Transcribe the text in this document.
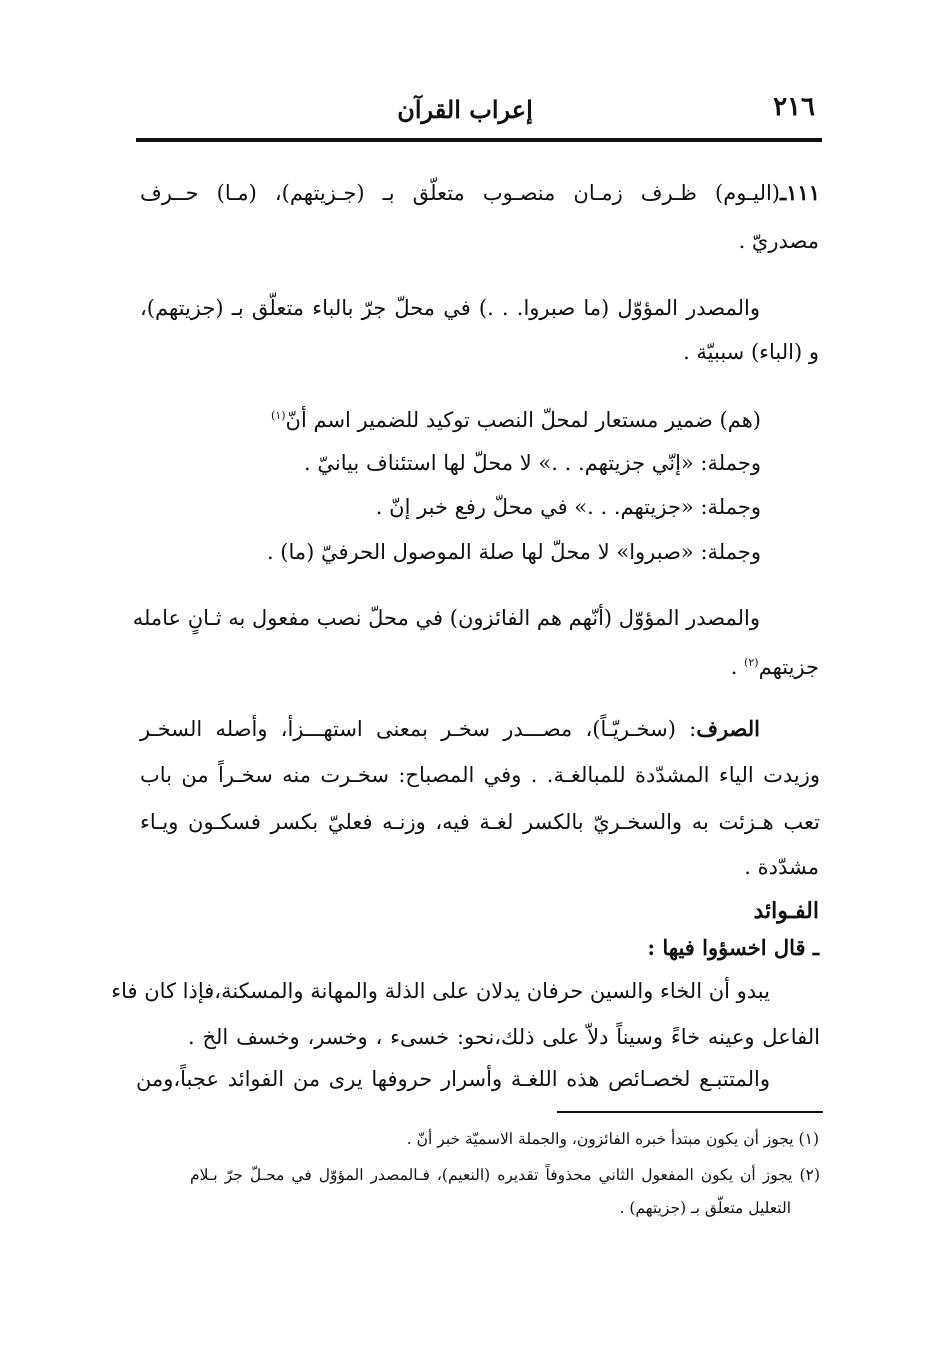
٢١٦
إعراب القرآن
١١١ـ(اليـوم) ظـرف زمـان منصـوب متعلّق بـ (جـزيتهم)، (مـا) حــرف
مصدريّ .
والمصدر المؤوّل (ما صبروا. . .) في محلّ جرّ بالباء متعلّق بـ (جزيتهم)،
و (الباء) سببيّة .
(هم) ضمير مستعار لمحلّ النصب توكيد للضمير اسم أنّ$^{(١)}$
وجملة: «إنّي جزيتهم. . .» لا محلّ لها استئناف بيانيّ .
وجملة: «جزيتهم. . .» في محلّ رفع خبر إنّ .
وجملة: «صبروا» لا محلّ لها صلة الموصول الحرفيّ (ما) .
والمصدر المؤوّل (أنّهم هم الفائزون) في محلّ نصب مفعول به ثـانٍ عامله
جزيتهم$^{(٢)}$ .
الصرف: (سخـريّـاً)، مصـــدر سخـر بمعنى استهـــزأ، وأصله السخـر
وزيدت الياء المشدّدة للمبالغـة. . وفي المصباح: سخـرت منه سخـراً من باب
تعب هـزئت به والسخـريّ بالكسر لغـة فيه، وزنـه فعليّ بكسر فسكـون ويـاء
مشدّدة .
الفـوائد
ـ قال اخسؤوا فيها :
يبدو أن الخاء والسين حرفان يدلان على الذلة والمهانة والمسكنة،فإذا كان فاء
الفاعل وعينه خاءً وسيناً دلاّ على ذلك،نحو: خسىء ، وخسر، وخسف الخ .
والمتتبـع لخصـائص هذه اللغـة وأسرار حروفها يرى من الفوائد عجباً،ومن
(١) يجوز أن يكون مبتدأ خبره الفائزون، والجملة الاسميّة خبر أنّ .
(٢) يجوز أن يكون المفعول الثاني محذوفاً تقديره (النعيم)، فـالمصدر المؤوّل في محـلّ جرّ بـلام
التعليل متعلّق بـ (جزيتهم) .
